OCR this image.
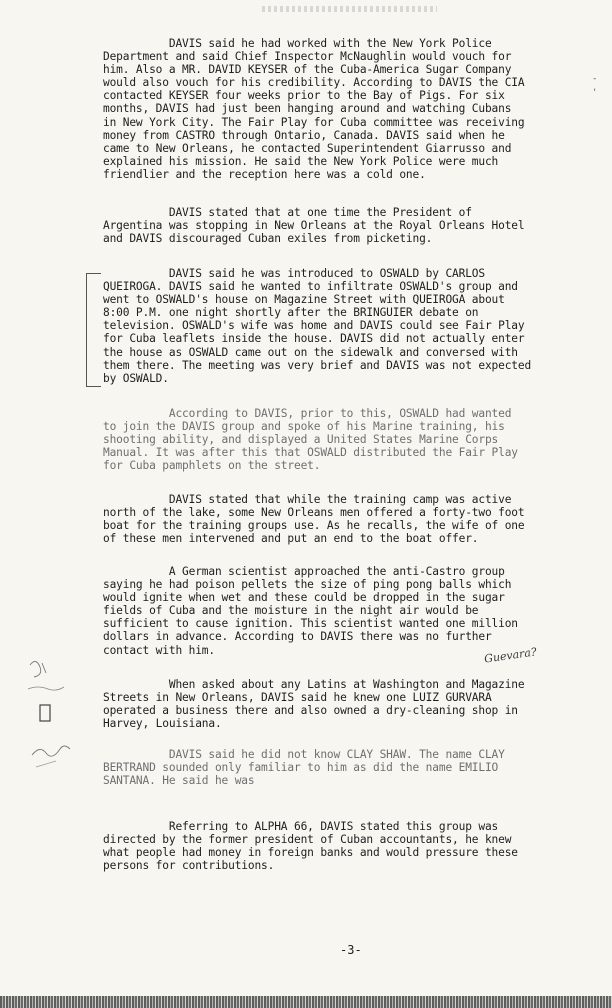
DAVIS said he had worked with the New York Police
Department and said Chief Inspector McNaughlin would vouch for
him. Also a MR. DAVID KEYSER of the Cuba-America Sugar Company
would also vouch for his credibility. According to DAVIS the CIA
contacted KEYSER four weeks prior to the Bay of Pigs. For six
months, DAVIS had just been hanging around and watching Cubans
in New York City. The Fair Play for Cuba committee was receiving
money from CASTRO through Ontario, Canada. DAVIS said when he
came to New Orleans, he contacted Superintendent Giarrusso and
explained his mission. He said the New York Police were much
friendlier and the reception here was a cold one.
DAVIS stated that at one time the President of
Argentina was stopping in New Orleans at the Royal Orleans Hotel
and DAVIS discouraged Cuban exiles from picketing.
DAVIS said he was introduced to OSWALD by CARLOS
QUEIROGA. DAVIS said he wanted to infiltrate OSWALD's group and
went to OSWALD's house on Magazine Street with QUEIROGA about
8:00 P.M. one night shortly after the BRINGUIER debate on
television. OSWALD's wife was home and DAVIS could see Fair Play
for Cuba leaflets inside the house. DAVIS did not actually enter
the house as OSWALD came out on the sidewalk and conversed with
them there. The meeting was very brief and DAVIS was not expected
by OSWALD.
According to DAVIS, prior to this, OSWALD had wanted
to join the DAVIS group and spoke of his Marine training, his
shooting ability, and displayed a United States Marine Corps
Manual. It was after this that OSWALD distributed the Fair Play
for Cuba pamphlets on the street.
DAVIS stated that while the training camp was active
north of the lake, some New Orleans men offered a forty-two foot
boat for the training groups use. As he recalls, the wife of one
of these men intervened and put an end to the boat offer.
A German scientist approached the anti-Castro group
saying he had poison pellets the size of ping pong balls which
would ignite when wet and these could be dropped in the sugar
fields of Cuba and the moisture in the night air would be
sufficient to cause ignition. This scientist wanted one million
dollars in advance. According to DAVIS there was no further
contact with him.	Guevara?
When asked about any Latins at Washington and Magazine
Streets in New Orleans, DAVIS said he knew one LUIZ GURVARA
operated a business there and also owned a dry-cleaning shop in
Harvey, Louisiana.
DAVIS said he did not know CLAY SHAW. The name CLAY
BERTRAND sounded only familiar to him as did the name EMILIO
SANTANA. He said he was
Referring to ALPHA 66, DAVIS stated this group was
directed by the former president of Cuban accountants, he knew
what people had money in foreign banks and would pressure these
persons for contributions.
-
'
-3-
